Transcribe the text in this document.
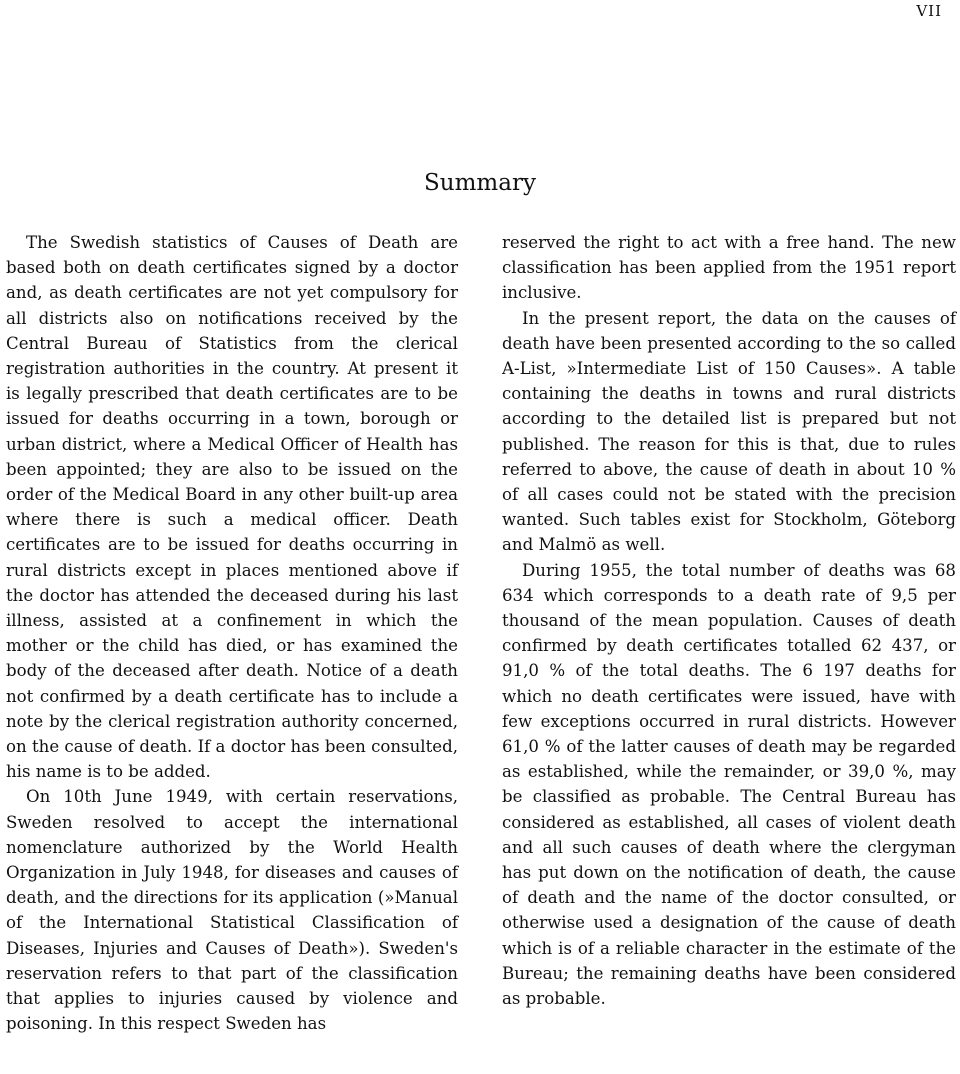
VII
Summary

The Swedish statistics of Causes of Death are based both on death certificates signed by a doctor and, as death certificates are not yet compulsory for all districts also on notifications received by the Central Bureau of Statistics from the clerical registration authorities in the country. At present it is legally prescribed that death certificates are to be issued for deaths occurring in a town, borough or urban district, where a Medical Officer of Health has been appointed; they are also to be issued on the order of the Medical Board in any other built-up area where there is such a medical officer. Death certificates are to be issued for deaths occurring in rural districts except in places mentioned above if the doctor has attended the deceased during his last illness, assisted at a confinement in which the mother or the child has died, or has examined the body of the deceased after death. Notice of a death not confirmed by a death certificate has to include a note by the clerical registration authority concerned, on the cause of death. If a doctor has been consulted, his name is to be added.

On 10th June 1949, with certain reservations, Sweden resolved to accept the international nomenclature authorized by the World Health Organization in July 1948, for diseases and causes of death, and the directions for its application (»Manual of the International Statistical Classification of Diseases, Injuries and Causes of Death»). Sweden's reservation refers to that part of the classification that applies to injuries caused by violence and poisoning. In this respect Sweden has

reserved the right to act with a free hand. The new classification has been applied from the 1951 report inclusive.

In the present report, the data on the causes of death have been presented according to the so called A-List, »Intermediate List of 150 Causes». A table containing the deaths in towns and rural districts according to the detailed list is prepared but not published. The reason for this is that, due to rules referred to above, the cause of death in about 10 % of all cases could not be stated with the precision wanted. Such tables exist for Stockholm, Göteborg and Malmö as well.

During 1955, the total number of deaths was 68 634 which corresponds to a death rate of 9,5 per thousand of the mean population. Causes of death confirmed by death certificates totalled 62 437, or 91,0 % of the total deaths. The 6 197 deaths for which no death certificates were issued, have with few exceptions occurred in rural districts. However 61,0 % of the latter causes of death may be regarded as established, while the remainder, or 39,0 %, may be classified as probable. The Central Bureau has considered as established, all cases of violent death and all such causes of death where the clergyman has put down on the notification of death, the cause of death and the name of the doctor consulted, or otherwise used a designation of the cause of death which is of a reliable character in the estimate of the Bureau; the remaining deaths have been considered as probable.
